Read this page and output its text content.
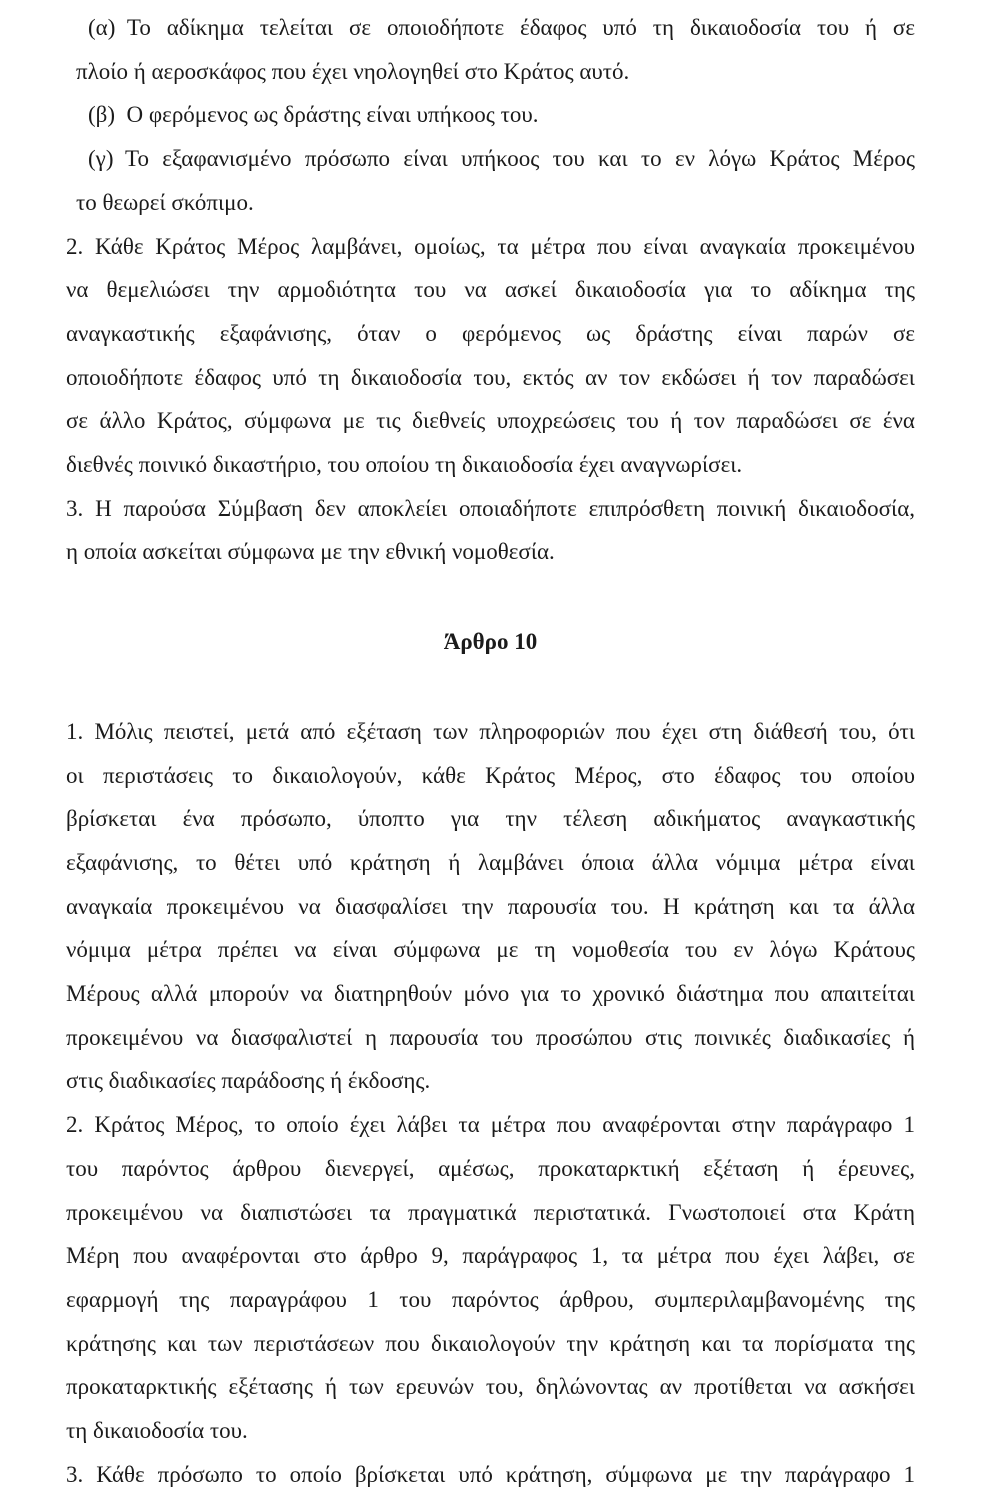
(α) Το αδίκημα τελείται σε οποιοδήποτε έδαφος υπό τη δικαιοδοσία του ή σε
πλοίο ή αεροσκάφος που έχει νηολογηθεί στο Κράτος αυτό.
(β) Ο φερόμενος ως δράστης είναι υπήκοος του.
(γ) Το εξαφανισμένο πρόσωπο είναι υπήκοος του και το εν λόγω Κράτος Μέρος
το θεωρεί σκόπιμο.
2. Κάθε Κράτος Μέρος λαμβάνει, ομοίως, τα μέτρα που είναι αναγκαία προκειμένου
να θεμελιώσει την αρμοδιότητα του να ασκεί δικαιοδοσία για το αδίκημα της
αναγκαστικής εξαφάνισης, όταν ο φερόμενος ως δράστης είναι παρών σε
οποιοδήποτε έδαφος υπό τη δικαιοδοσία του, εκτός αν τον εκδώσει ή τον παραδώσει
σε άλλο Κράτος, σύμφωνα με τις διεθνείς υποχρεώσεις του ή τον παραδώσει σε ένα
διεθνές ποινικό δικαστήριο, του οποίου τη δικαιοδοσία έχει αναγνωρίσει.
3. Η παρούσα Σύμβαση δεν αποκλείει οποιαδήποτε επιπρόσθετη ποινική δικαιοδοσία,
η οποία ασκείται σύμφωνα με την εθνική νομοθεσία.
Άρθρο 10
1. Μόλις πειστεί, μετά από εξέταση των πληροφοριών που έχει στη διάθεσή του, ότι
οι περιστάσεις το δικαιολογούν, κάθε Κράτος Μέρος, στο έδαφος του οποίου
βρίσκεται ένα πρόσωπο, ύποπτο για την τέλεση αδικήματος αναγκαστικής
εξαφάνισης, το θέτει υπό κράτηση ή λαμβάνει όποια άλλα νόμιμα μέτρα είναι
αναγκαία προκειμένου να διασφαλίσει την παρουσία του. Η κράτηση και τα άλλα
νόμιμα μέτρα πρέπει να είναι σύμφωνα με τη νομοθεσία του εν λόγω Κράτους
Μέρους αλλά μπορούν να διατηρηθούν μόνο για το χρονικό διάστημα που απαιτείται
προκειμένου να διασφαλιστεί η παρουσία του προσώπου στις ποινικές διαδικασίες ή
στις διαδικασίες παράδοσης ή έκδοσης.
2. Κράτος Μέρος, το οποίο έχει λάβει τα μέτρα που αναφέρονται στην παράγραφο 1
του παρόντος άρθρου διενεργεί, αμέσως, προκαταρκτική εξέταση ή έρευνες,
προκειμένου να διαπιστώσει τα πραγματικά περιστατικά. Γνωστοποιεί στα Κράτη
Μέρη που αναφέρονται στο άρθρο 9, παράγραφος 1, τα μέτρα που έχει λάβει, σε
εφαρμογή της παραγράφου 1 του παρόντος άρθρου, συμπεριλαμβανομένης της
κράτησης και των περιστάσεων που δικαιολογούν την κράτηση και τα πορίσματα της
προκαταρκτικής εξέτασης ή των ερευνών του, δηλώνοντας αν προτίθεται να ασκήσει
τη δικαιοδοσία του.
3. Κάθε πρόσωπο το οποίο βρίσκεται υπό κράτηση, σύμφωνα με την παράγραφο 1
